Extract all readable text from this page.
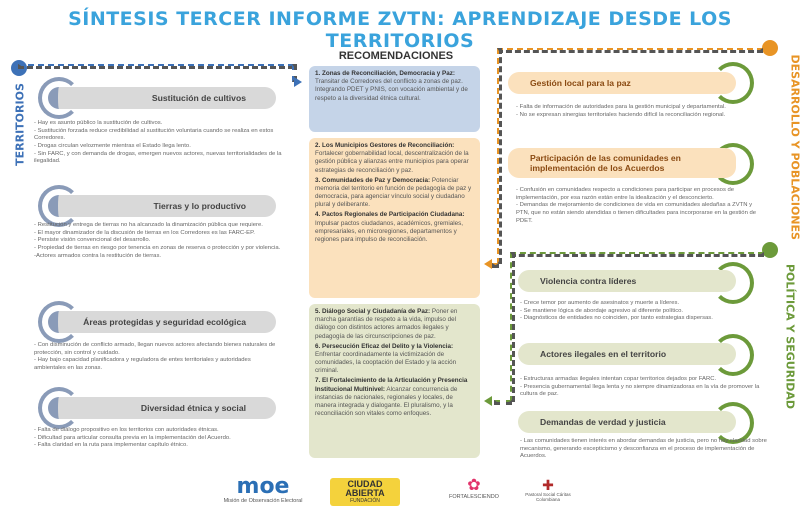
SÍNTESIS TERCER INFORME ZVTN: APRENDIZAJE DESDE LOS TERRITORIOS
TERRITORIOS	Sustitución de cultivos

- Hay es asunto público la sustitución de cultivos.

- Sustitución forzada reduce credibilidad al sustitución voluntaria cuando se realiza en estos Corredores.

- Drogas circulan velozmente mientras el Estado llega lento.

- Sin FARC, y con demanda de drogas, emergen nuevos actores, nuevas territorialidades de la ilegalidad.

Tierras y lo productivo

- Restitución y entrega de tierras no ha alcanzado la dinamización pública que requiere.

- El mayor dinamizador de la discusión de tierras en los Corredores es las FARC-EP.

- Persiste visión convencional del desarrollo.

- Propiedad de tierras en riesgo por tenencia en zonas de reserva o protección y por violencia.

-Actores armados contra la restitución de tierras.

Áreas protegidas y seguridad ecológica

- Con disminución de conflicto armado, llegan nuevos actores afectando bienes naturales de protección, sin control y cuidado.

- Hay bajo capacidad planificadora y reguladora de entes territoriales y autoridades ambientales en las zonas.

Diversidad étnica y social

- Falta de diálogo propositivo en los territorios con autoridades étnicas.

- Dificultad para articular consulta previa en la implementación del Acuerdo.

- Falta claridad en la ruta para implementar capítulo étnico.

RECOMENDACIONES

1. Zonas de Reconciliación, Democracia y Paz: Transitar de Corredores del conflicto a zonas de paz. Integrando PDET y PNIS, con vocación ambiental y de respeto a la diversidad étnica cultural.

2. Los Municipios Gestores de Reconciliación: Fortalecer gobernabilidad local, descentralización de la gestión pública y alianzas entre municipios para operar estrategias de reconciliación y paz.

3. Comunidades de Paz y Democracia: Potenciar memoria del territorio en función de pedagogía de paz y democracia, para agenciar vínculo social y ciudadano plural y deliberante.

4. Pactos Regionales de Participación Ciudadana: Impulsar pactos ciudadanos, académicos, gremiales, empresariales, en microregiones, departamentos y regiones para impulso de reconciliación.

5. Diálogo Social y Ciudadanía de Paz: Poner en marcha garantías de respeto a la vida, impulso del diálogo con distintos actores armados ilegales y pedagogía de las circunscripciones de paz.

6. Persecución Eficaz del Delito y la Violencia: Enfrentar coordinadamente la victimización de comunidades, la cooptación del Estado y la acción criminal.

7. El Fortalecimiento de la Articulación y Presencia Institucional Multinivel: Alcanzar concurrencia de instancias de nacionales, regionales y locales, de manera integrada y dialogante. El pluralismo, y la reconciliación son vitales como enfoques.

DESARROLLO Y POBLACIONES
Gestión local para la paz

- Falta de información de autoridades para la gestión municipal y departamental.

- No se expresan sinergias territoriales haciendo difícil la reconciliación regional.

Participación de las comunidades en implementación de los Acuerdos

- Confusión en comunidades respecto a condiciones para participar en procesos de implementación, por esa razón están entre la idealización y el desconcierto.

- Demandas de mejoramiento de condiciones de vida en comunidades aledañas a ZVTN y PTN, que no están siendo atendidas o tienen dificultades para incorporarse en la gestión de PDET.

POLÍTICA Y SEGURIDAD
Violencia contra líderes

- Crece temor por aumento de asesinatos y muerte a líderes.

- Se mantiene lógica de abordaje agresivo al diferente político.

- Diagnósticos de entidades no coinciden, por tanto estrategias dispersas.

Actores ilegales en el territorio

- Estructuras armadas ilegales intentan copar territorios dejados por FARC.

- Presencia gubernamental llega lenta y no siempre dinamizadoras en la vía de promover la cultura de paz.

Demandas de verdad y justicia

- Las comunidades tienen interés en abordar demandas de justicia, pero no hay claridad sobre mecanismo, generando escepticismo y desconfianza en el proceso de implementación de Acuerdos.

moe
Misión de Observación Electoral
CIUDAD ABIERTA
FUNDACIÓN
✿
FORTALESCIENDO
✚
Pastoral Social Cáritas Colombiana
